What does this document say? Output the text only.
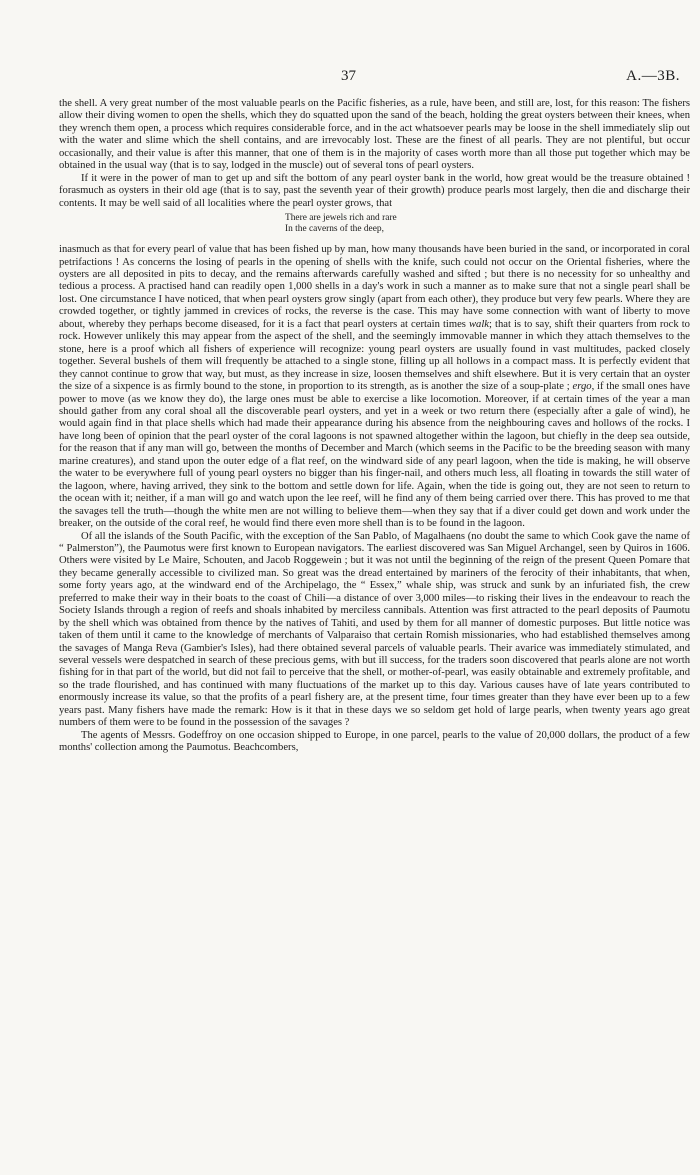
37	A.—3B.

the shell. A very great number of the most valuable pearls on the Pacific fisheries, as a rule, have been, and still are, lost, for this reason: The fishers allow their diving women to open the shells, which they do squatted upon the sand of the beach, holding the great oysters between their knees, when they wrench them open, a process which requires considerable force, and in the act whatsoever pearls may be loose in the shell immediately slip out with the water and slime which the shell contains, and are irrevocably lost. These are the finest of all pearls. They are not plentiful, but occur occasionally, and their value is after this manner, that one of them is in the majority of cases worth more than all those put together which may be obtained in the usual way (that is to say, lodged in the muscle) out of several tons of pearl oysters.

If it were in the power of man to get up and sift the bottom of any pearl oyster bank in the world, how great would be the treasure obtained ! forasmuch as oysters in their old age (that is to say, past the seventh year of their growth) produce pearls most largely, then die and discharge their contents. It may be well said of all localities where the pearl oyster grows, that

There are jewels rich and rare
In the caverns of the deep,

inasmuch as that for every pearl of value that has been fished up by man, how many thousands have been buried in the sand, or incorporated in coral petrifactions ! As concerns the losing of pearls in the opening of shells with the knife, such could not occur on the Oriental fisheries, where the oysters are all deposited in pits to decay, and the remains afterwards carefully washed and sifted ; but there is no necessity for so unhealthy and tedious a process. A practised hand can readily open 1,000 shells in a day's work in such a manner as to make sure that not a single pearl shall be lost. One circumstance I have noticed, that when pearl oysters grow singly (apart from each other), they produce but very few pearls. Where they are crowded together, or tightly jammed in crevices of rocks, the reverse is the case. This may have some connection with want of liberty to move about, whereby they perhaps become diseased, for it is a fact that pearl oysters at certain times walk; that is to say, shift their quarters from rock to rock. However unlikely this may appear from the aspect of the shell, and the seemingly immovable manner in which they attach themselves to the stone, here is a proof which all fishers of experience will recognize: young pearl oysters are usually found in vast multitudes, packed closely together. Several bushels of them will frequently be attached to a single stone, filling up all hollows in a compact mass. It is perfectly evident that they cannot continue to grow that way, but must, as they increase in size, loosen themselves and shift elsewhere. But it is very certain that an oyster the size of a sixpence is as firmly bound to the stone, in proportion to its strength, as is another the size of a soup-plate ; ergo, if the small ones have power to move (as we know they do), the large ones must be able to exercise a like locomotion. Moreover, if at certain times of the year a man should gather from any coral shoal all the discoverable pearl oysters, and yet in a week or two return there (especially after a gale of wind), he would again find in that place shells which had made their appearance during his absence from the neighbouring caves and hollows of the rocks. I have long been of opinion that the pearl oyster of the coral lagoons is not spawned altogether within the lagoon, but chiefly in the deep sea outside, for the reason that if any man will go, between the months of December and March (which seems in the Pacific to be the breeding season with many marine creatures), and stand upon the outer edge of a flat reef, on the windward side of any pearl lagoon, when the tide is making, he will observe the water to be everywhere full of young pearl oysters no bigger than his finger-nail, and others much less, all floating in towards the still water of the lagoon, where, having arrived, they sink to the bottom and settle down for life. Again, when the tide is going out, they are not seen to return to the ocean with it; neither, if a man will go and watch upon the lee reef, will he find any of them being carried over there. This has proved to me that the savages tell the truth—though the white men are not willing to believe them—when they say that if a diver could get down and work under the breaker, on the outside of the coral reef, he would find there even more shell than is to be found in the lagoon.

Of all the islands of the South Pacific, with the exception of the San Pablo, of Magalhaens (no doubt the same to which Cook gave the name of “ Palmerston”), the Paumotus were first known to European navigators. The earliest discovered was San Miguel Archangel, seen by Quiros in 1606. Others were visited by Le Maire, Schouten, and Jacob Roggewein ; but it was not until the beginning of the reign of the present Queen Pomare that they became generally accessible to civilized man. So great was the dread entertained by mariners of the ferocity of their inhabitants, that when, some forty years ago, at the windward end of the Archipelago, the “ Essex,” whale ship, was struck and sunk by an infuriated fish, the crew preferred to make their way in their boats to the coast of Chili—a distance of over 3,000 miles—to risking their lives in the endeavour to reach the Society Islands through a region of reefs and shoals inhabited by merciless cannibals. Attention was first attracted to the pearl deposits of Paumotu by the shell which was obtained from thence by the natives of Tahiti, and used by them for all manner of domestic purposes. But little notice was taken of them until it came to the knowledge of merchants of Valparaiso that certain Romish missionaries, who had established themselves among the savages of Manga Reva (Gambier's Isles), had there obtained several parcels of valuable pearls. Their avarice was immediately stimulated, and several vessels were despatched in search of these precious gems, with but ill success, for the traders soon discovered that pearls alone are not worth fishing for in that part of the world, but did not fail to perceive that the shell, or mother-of-pearl, was easily obtainable and extremely profitable, and so the trade flourished, and has continued with many fluctuations of the market up to this day. Various causes have of late years contributed to enormously increase its value, so that the profits of a pearl fishery are, at the present time, four times greater than they have ever been up to a few years past. Many fishers have made the remark: How is it that in these days we so seldom get hold of large pearls, when twenty years ago great numbers of them were to be found in the possession of the savages ?

The agents of Messrs. Godeffroy on one occasion shipped to Europe, in one parcel, pearls to the value of 20,000 dollars, the product of a few months' collection among the Paumotus. Beachcombers,
